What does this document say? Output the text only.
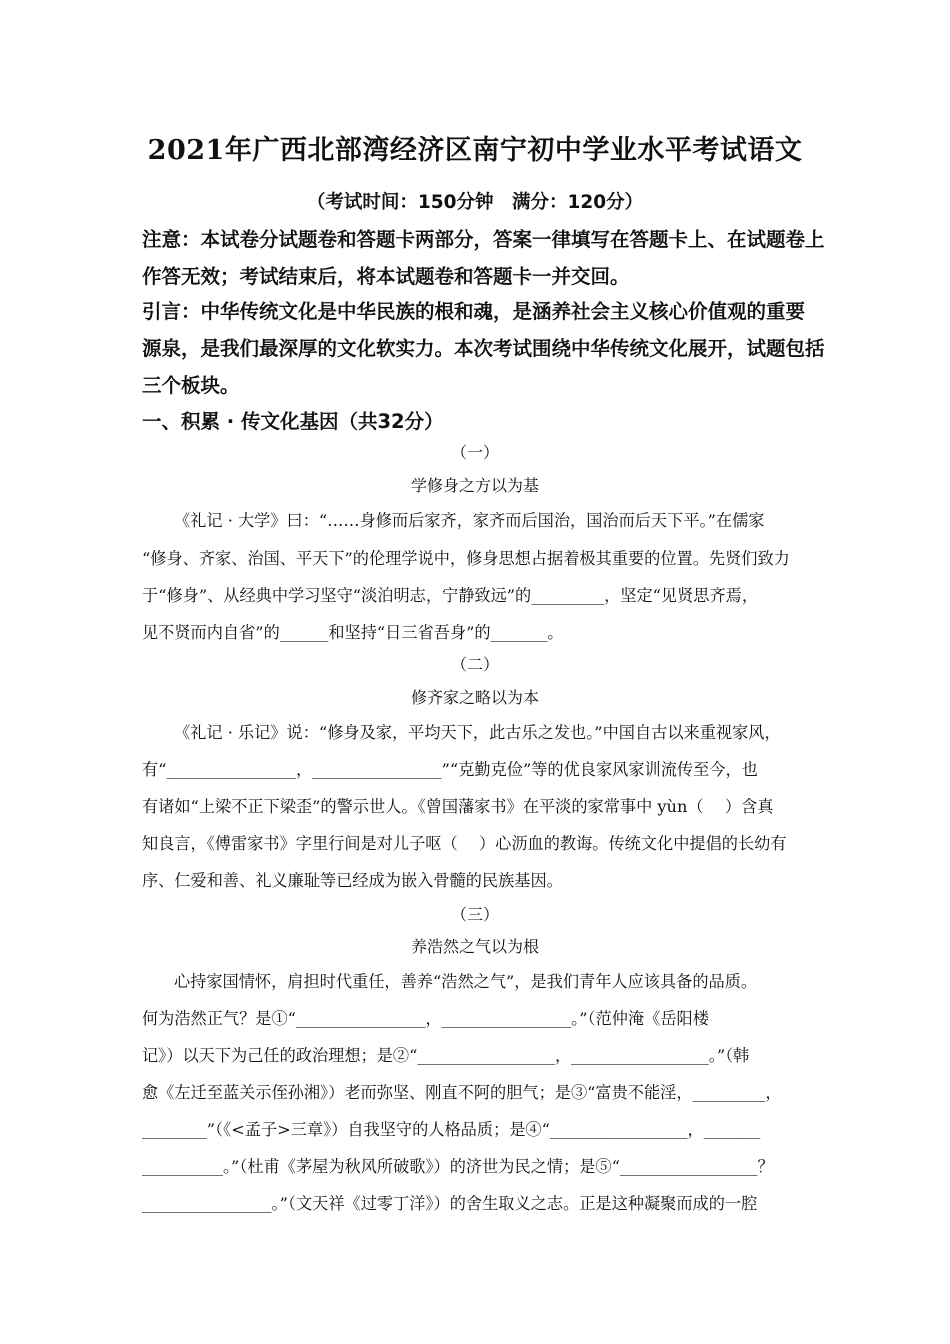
2021年广西北部湾经济区南宁初中学业水平考试语文
（考试时间：150分钟　满分：120分）
注意：本试卷分试题卷和答题卡两部分，答案一律填写在答题卡上、在试题卷上
作答无效；考试结束后，将本试题卷和答题卡一并交回。
引言：中华传统文化是中华民族的根和魂，是涵养社会主义核心价值观的重要
源泉，是我们最深厚的文化软实力。本次考试围绕中华传统文化展开，试题包括
三个板块。
一、积累 · 传文化基因（共32分）
（一）
学修身之方以为基
《礼记 · 大学》曰：“……身修而后家齐，家齐而后国治，国治而后天下平。”在儒家
“修身、齐家、治国、平天下”的伦理学说中，修身思想占据着极其重要的位置。先贤们致力
于“修身”、从经典中学习坚守“淡泊明志，宁静致远”的_________，坚定“见贤思齐焉，
见不贤而内自省”的______和坚持“日三省吾身”的_______。
（二）
修齐家之略以为本
《礼记 · 乐记》说：“修身及家，平均天下，此古乐之发也。”中国自古以来重视家风，
有“________________，________________”“克勤克俭”等的优良家风家训流传至今，也
有诸如“上梁不正下梁歪”的警示世人。《曾国藩家书》在平淡的家常事中 yùn（　 ）含真
知良言，《傅雷家书》字里行间是对儿子呕（　 ）心沥血的教诲。传统文化中提倡的长幼有
序、仁爱和善、礼义廉耻等已经成为嵌入骨髓的民族基因。
（三）
养浩然之气以为根
心持家国情怀，肩担时代重任，善养“浩然之气”，是我们青年人应该具备的品质。
何为浩然正气？是①“________________，________________。”（范仲淹《岳阳楼
记》）以天下为己任的政治理想；是②“_________________，_________________。”（韩
愈《左迁至蓝关示侄孙湘》）老而弥坚、刚直不阿的胆气；是③“富贵不能淫，_________，
________”（《<孟子>三章》）自我坚守的人格品质；是④“_________________，_______
__________。”（杜甫《茅屋为秋风所破歌》）的济世为民之情；是⑤“_________________？
________________。”（文天祥《过零丁洋》）的舍生取义之志。正是这种凝聚而成的一腔
